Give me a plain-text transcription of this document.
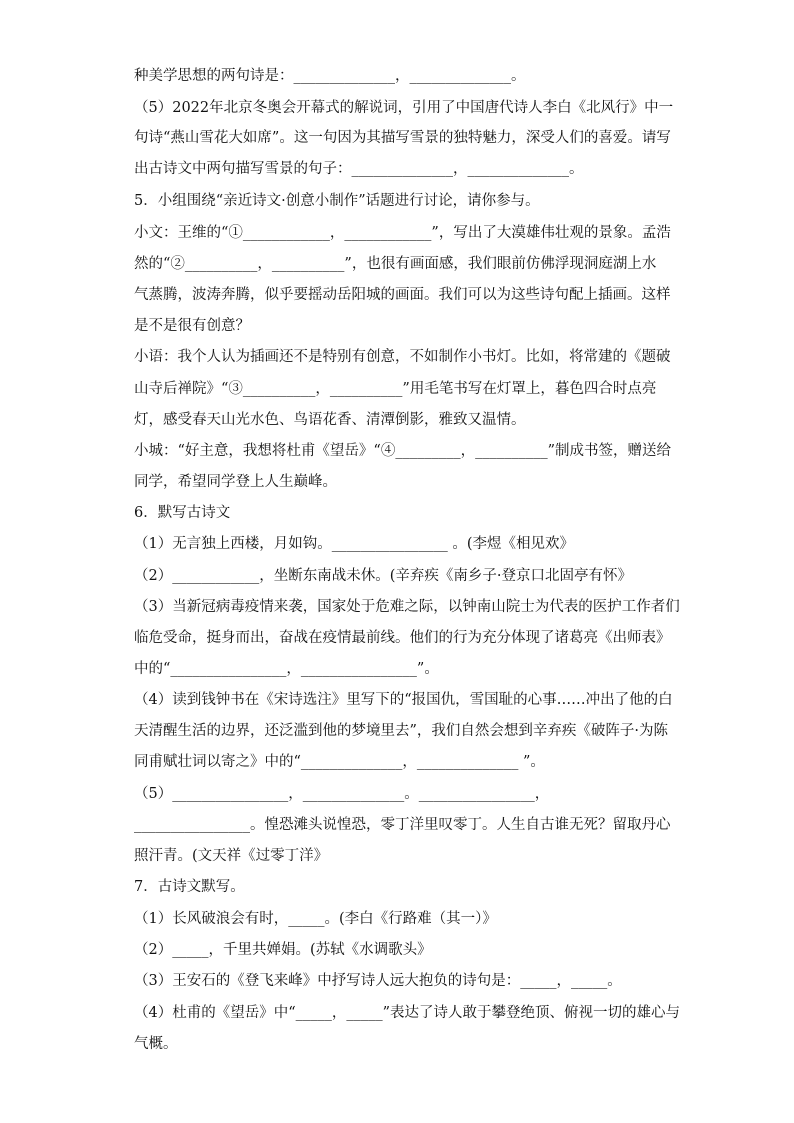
种美学思想的两句诗是：______________，______________。
（5）2022年北京冬奥会开幕式的解说词，引用了中国唐代诗人李白《北风行》中一
句诗“燕山雪花大如席”。这一句因为其描写雪景的独特魅力，深受人们的喜爱。请写
出古诗文中两句描写雪景的句子：______________，______________。
5．小组围绕“亲近诗文·创意小制作”话题进行讨论，请你参与。
小文：王维的“①____________，____________”，写出了大漠雄伟壮观的景象。孟浩
然的“②__________，__________”，也很有画面感，我们眼前仿佛浮现洞庭湖上水
气蒸腾，波涛奔腾，似乎要摇动岳阳城的画面。我们可以为这些诗句配上插画。这样
是不是很有创意？
小语：我个人认为插画还不是特别有创意，不如制作小书灯。比如，将常建的《题破
山寺后禅院》“③__________，__________”用毛笔书写在灯罩上，暮色四合时点亮
灯，感受春天山光水色、鸟语花香、清潭倒影，雅致又温情。
小城：“好主意，我想将杜甫《望岳》“④_________，__________”制成书签，赠送给
同学，希望同学登上人生巅峰。
6．默写古诗文
（1）无言独上西楼，月如钩。________________ 。(李煜《相见欢》
（2）____________，坐断东南战未休。(辛弃疾《南乡子·登京口北固亭有怀》
（3）当新冠病毒疫情来袭，国家处于危难之际，以钟南山院士为代表的医护工作者们
临危受命，挺身而出，奋战在疫情最前线。他们的行为充分体现了诸葛亮《出师表》
中的“________________，________________”。
（4）读到钱钟书在《宋诗选注》里写下的“报国仇，雪国耻的心事……冲出了他的白
天清醒生活的边界，还泛滥到他的梦境里去”，我们自然会想到辛弃疾《破阵子·为陈
同甫赋壮词以寄之》中的“______________，______________ ”。
（5）________________，______________。________________，
________________。惶恐滩头说惶恐，零丁洋里叹零丁。人生自古谁无死？留取丹心
照汗青。(文天祥《过零丁洋》
7．古诗文默写。
（1）长风破浪会有时，_____。(李白《行路难（其一）》
（2）_____，千里共婵娟。(苏轼《水调歌头》
（3）王安石的《登飞来峰》中抒写诗人远大抱负的诗句是：_____，_____。
（4）杜甫的《望岳》中“_____，_____”表达了诗人敢于攀登绝顶、俯视一切的雄心与
气概。
